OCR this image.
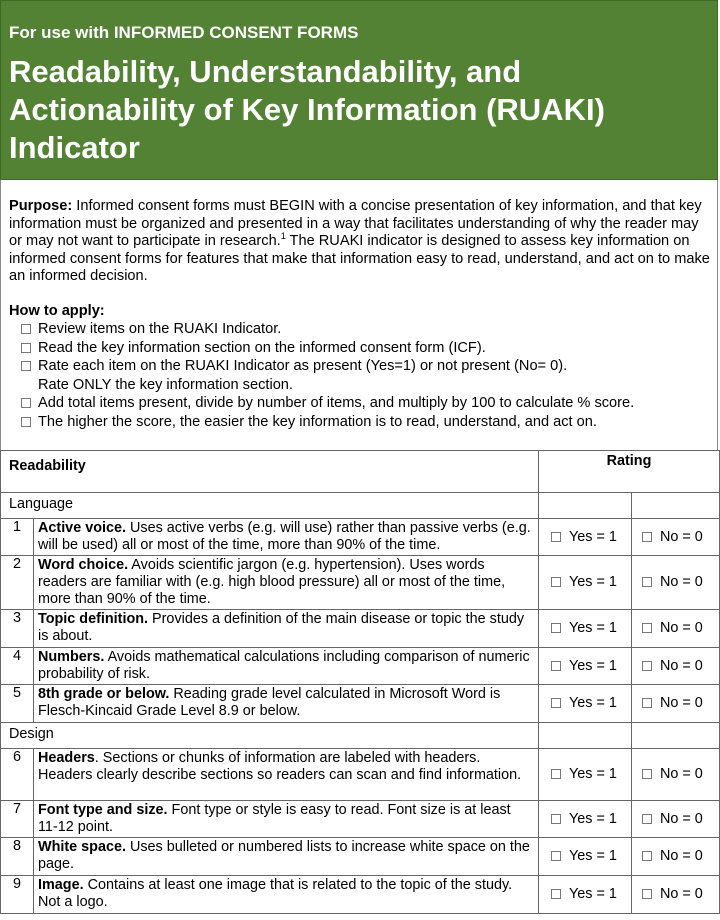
For use with INFORMED CONSENT FORMS
Readability, Understandability, and Actionability of Key Information (RUAKI) Indicator
Purpose: Informed consent forms must BEGIN with a concise presentation of key information, and that key information must be organized and presented in a way that facilitates understanding of why the reader may or may not want to participate in research.$^1$ The RUAKI indicator is designed to assess key information on informed consent forms for features that make that information easy to read, understand, and act on to make an informed decision.
How to apply:
Review items on the RUAKI Indicator.
Read the key information section on the informed consent form (ICF).
Rate each item on the RUAKI Indicator as present (Yes=1) or not present (No= 0).
Rate ONLY the key information section.
Add total items present, divide by number of items, and multiply by 100 to calculate % score.
The higher the score, the easier the key information is to read, understand, and act on.
Readability		Rating	
Language			
1	Active voice. Uses active verbs (e.g. will use) rather than passive verbs (e.g. will be used) all or most of the time, more than 90% of the time.	Yes = 1	No = 0
2	Word choice. Avoids scientific jargon (e.g. hypertension). Uses words readers are familiar with (e.g. high blood pressure) all or most of the time, more than 90% of the time.	Yes = 1	No = 0
3	Topic definition. Provides a definition of the main disease or topic the study is about.	Yes = 1	No = 0
4	Numbers. Avoids mathematical calculations including comparison of numeric probability of risk.	Yes = 1	No = 0
5	8th grade or below. Reading grade level calculated in Microsoft Word is Flesch-Kincaid Grade Level 8.9 or below.	Yes = 1	No = 0
Design			
6	Headers. Sections or chunks of information are labeled with headers. Headers clearly describe sections so readers can scan and find information.	Yes = 1	No = 0
7	Font type and size. Font type or style is easy to read. Font size is at least 11-12 point.	Yes = 1	No = 0
8	White space. Uses bulleted or numbered lists to increase white space on the page.	Yes = 1	No = 0
9	Image. Contains at least one image that is related to the topic of the study. Not a logo.	Yes = 1	No = 0
